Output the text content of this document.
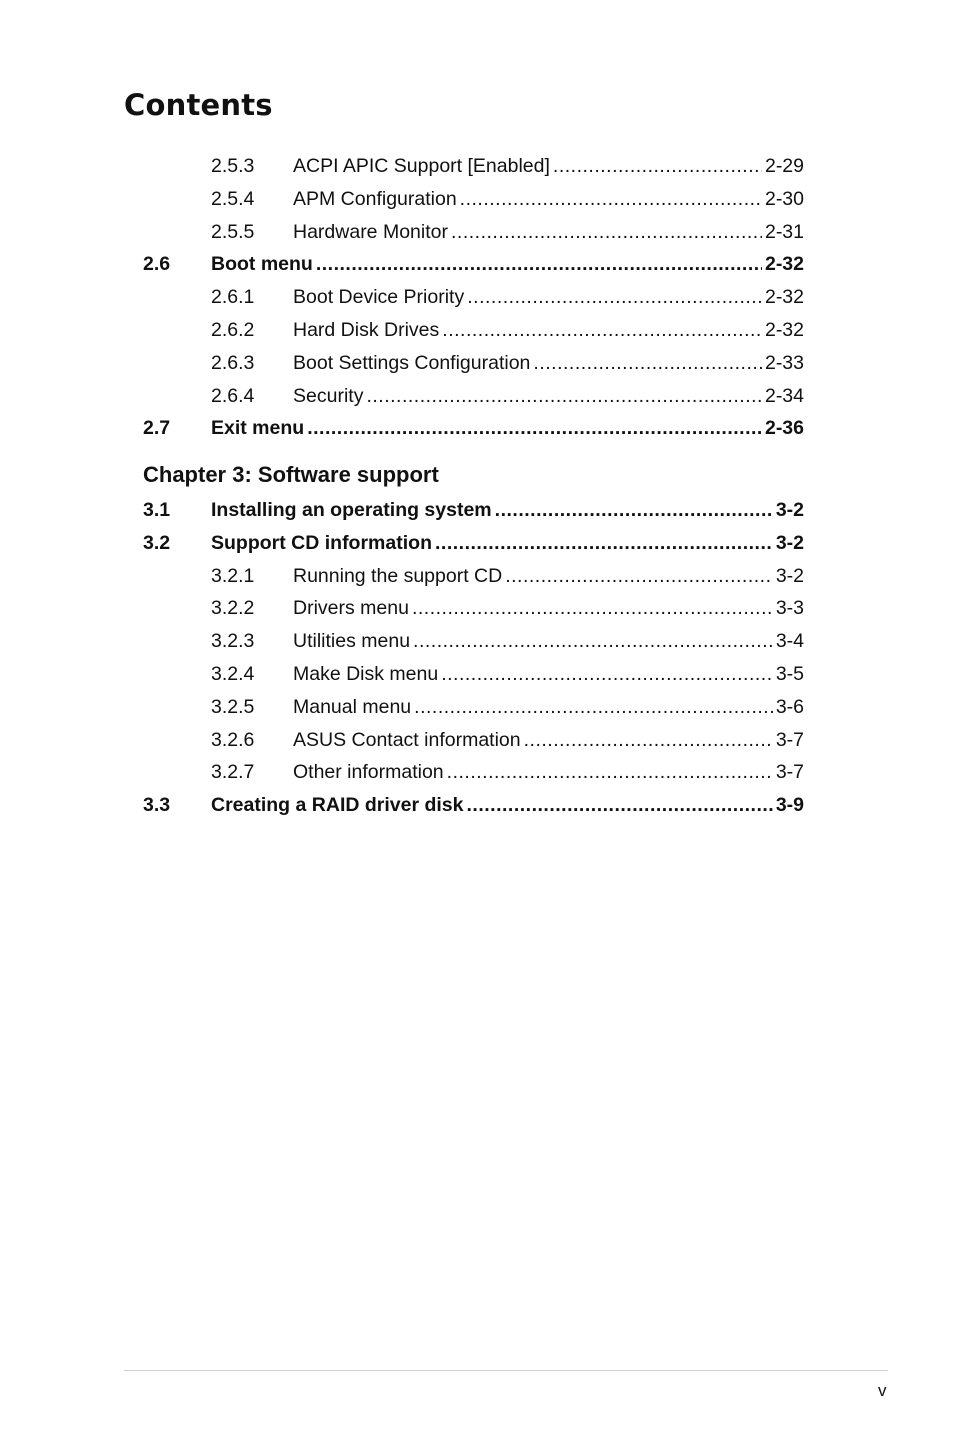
Contents
2.5.3 ACPI APIC Support [Enabled] .....	2-29
2.5.4 APM Configuration .....	2-30
2.5.5 Hardware Monitor .....	2-31
2.6 Boot menu .....	2-32
2.6.1 Boot Device Priority .....	2-32
2.6.2 Hard Disk Drives .....	2-32
2.6.3 Boot Settings Configuration .....	2-33
2.6.4 Security .....	2-34
2.7 Exit menu .....	2-36
Chapter 3: Software support
3.1 Installing an operating system .....	3-2
3.2 Support CD information .....	3-2
3.2.1 Running the support CD .....	3-2
3.2.2 Drivers menu .....	3-3
3.2.3 Utilities menu .....	3-4
3.2.4 Make Disk menu .....	3-5
3.2.5 Manual menu .....	3-6
3.2.6 ASUS Contact information .....	3-7
3.2.7 Other information .....	3-7
3.3 Creating a RAID driver disk .....	3-9
v
